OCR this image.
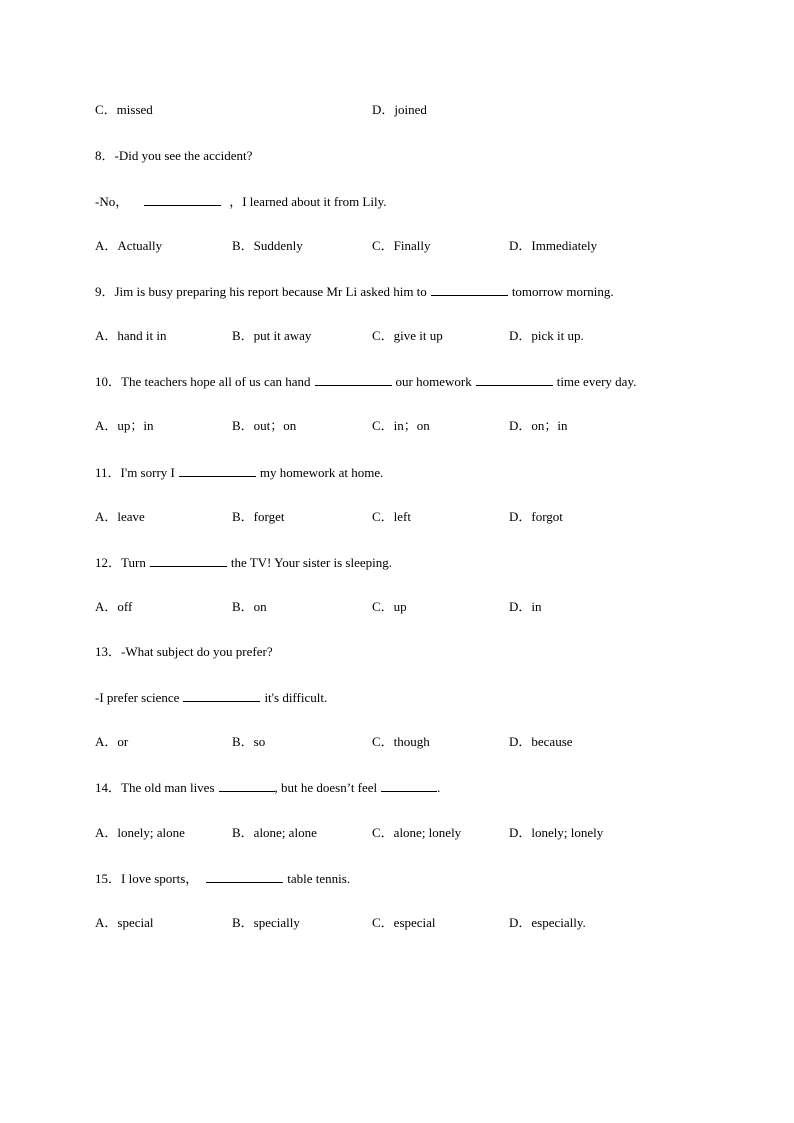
C．missed	D．joined
8．-Did you see the accident?
-No，	，I learned about it from Lily.
A．Actually	B．Suddenly	C．Finally	D．Immediately
9．Jim is busy preparing his report because Mr Li asked him to	tomorrow morning.
A．hand it in	B．put it away	C．give it up	D．pick it up.
10．The teachers hope all of us can hand	our homework	time every day.
A．up；in	B．out；on	C．in；on	D．on；in
11．I'm sorry I	my homework at home.
A．leave	B．forget	C．left	D．forgot
12．Turn	the TV! Your sister is sleeping.
A．off	B．on	C．up	D．in
13．-What subject do you prefer?
-I prefer science	it's difficult.
A．or	B．so	C．though	D．because
14．The old man lives	, but he doesn’t feel	.
A．lonely; alone	B．alone; alone	C．alone; lonely	D．lonely; lonely
15．I love sports，	table tennis.
A．special	B．specially	C．especial	D．especially.
